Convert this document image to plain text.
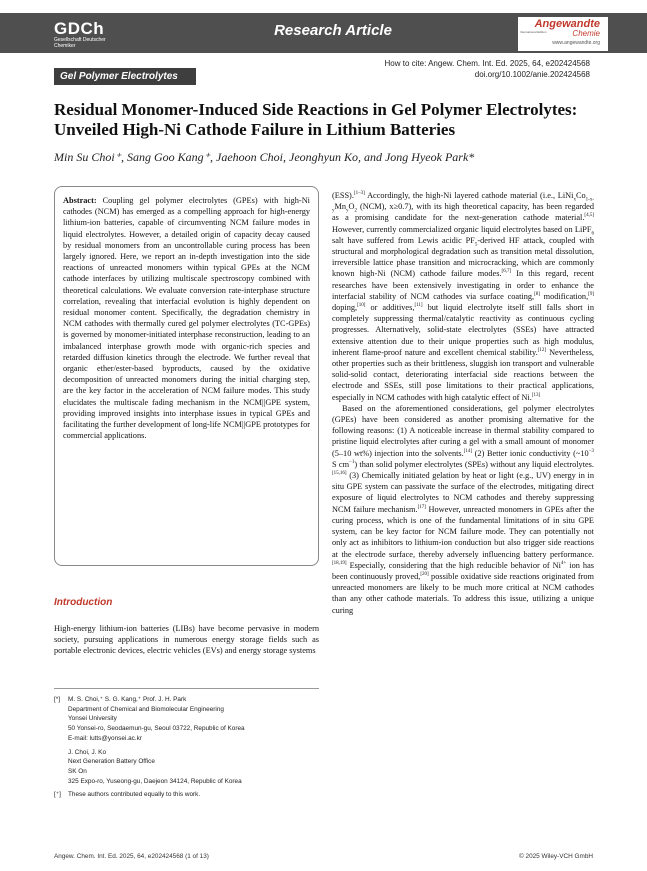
GDCh
Gesellschaft Deutscher Chemiker
Research Article	Angewandte
International Edition	Chemie
www.angewandte.org
How to cite: Angew. Chem. Int. Ed. 2025, 64, e202424568
doi.org/10.1002/anie.202424568
Gel Polymer Electrolytes
Residual Monomer-Induced Side Reactions in Gel Polymer Electrolytes: Unveiled High-Ni Cathode Failure in Lithium Batteries
Min Su Choi⁺, Sang Goo Kang⁺, Jaehoon Choi, Jeonghyun Ko, and Jong Hyeok Park*
Abstract: Coupling gel polymer electrolytes (GPEs) with high-Ni cathodes (NCM) has emerged as a compelling approach for high-energy lithium-ion batteries, capable of circumventing NCM failure modes in liquid electrolytes. However, a detailed origin of capacity decay caused by residual monomers from an uncontrollable curing process has been largely ignored. Here, we report an in-depth investigation into the side reactions of unreacted monomers within typical GPEs at the NCM cathode interfaces by utilizing multiscale spectroscopy combined with theoretical calculations. We evaluate conversion rate-interphase structure correlation, revealing that interfacial evolution is highly dependent on residual monomer content. Specifically, the degradation chemistry in NCM cathodes with thermally cured gel polymer electrolytes (TC-GPEs) is governed by monomer-initiated interphase reconstruction, leading to an imbalanced interphase growth mode with organic-rich species and retarded diffusion kinetics through the electrode. We further reveal that organic ether/ester-based byproducts, caused by the oxidative decomposition of unreacted monomers during the initial charging step, are the key factor in the acceleration of NCM failure modes. This study elucidates the multiscale fading mechanism in the NCM||GPE system, providing improved insights into interphase issues in typical GPEs and facilitating the further development of long-life NCM||GPE prototypes for commercial applications.
Introduction
High-energy lithium-ion batteries (LIBs) have become pervasive in modern society, pursuing applications in numerous energy storage fields such as portable electronic devices, electric vehicles (EVs) and energy storage systems
[*] M. S. Choi,⁺ S. G. Kang,⁺ Prof. J. H. Park

Department of Chemical and Biomolecular Engineering

Yonsei University

50 Yonsei-ro, Seodaemun-gu, Seoul 03722, Republic of Korea

E-mail: lutts@yonsei.ac.kr

J. Choi, J. Ko

Next Generation Battery Office

SK On

325 Expo-ro, Yuseong-gu, Daejeon 34124, Republic of Korea

[⁺] These authors contributed equally to this work.

(ESS).[1–3] Accordingly, the high-Ni layered cathode material (i.e., $LiNi_xCo_{1-x-y}Mn_yO_2$ (NCM), x≥0.7), with its high theoretical capacity, has been regarded as a promising candidate for the next-generation cathode material.[4,5] However, currently commercialized organic liquid electrolytes based on LiPF$_6$ salt have suffered from Lewis acidic $PF_5$-derived HF attack, coupled with structural and morphological degradation such as transition metal dissolution, irreversible lattice phase transition and microcracking, which are commonly known high-Ni (NCM) cathode failure modes.[6,7] In this regard, recent researches have been extensively investigating in order to enhance the interfacial stability of NCM cathodes via surface coating,[8] modification,[9] doping,[10] or additives,[11] but liquid electrolyte itself still falls short in completely suppressing thermal/catalytic reactivity as continuous cycling progresses. Alternatively, solid-state electrolytes (SSEs) have attracted extensive attention due to their unique properties such as high modulus, inherent flame-proof nature and excellent chemical stability.[12] Nevertheless, other properties such as their brittleness, sluggish ion transport and vulnerable solid-solid contact, deteriorating interfacial side reactions between the electrode and SSEs, still pose limitations to their practical applications, especially in NCM cathodes with high catalytic effect of Ni.[13]

Based on the aforementioned considerations, gel polymer electrolytes (GPEs) have been considered as another promising alternative for the following reasons: (1) A noticeable increase in thermal stability compared to pristine liquid electrolytes after curing a gel with a small amount of monomer (5–10 wt%) injection into the solvents.[14] (2) Better ionic conductivity ($\sim 10^{-3}$ S $cm^{-1}$) than solid polymer electrolytes (SPEs) without any liquid electrolytes.[15,16] (3) Chemically initiated gelation by heat or light (e.g., UV) energy in in situ GPE system can passivate the surface of the electrodes, mitigating direct exposure of liquid electrolytes to NCM cathodes and thereby suppressing NCM failure mechanism.[17] However, unreacted monomers in GPEs after the curing process, which is one of the fundamental limitations of in situ GPE system, can be key factor for NCM failure mode. They can potentially not only act as inhibitors to lithium-ion conduction but also trigger side reactions at the electrode surface, thereby adversely influencing battery performance.[18,19] Especially, considering that the high reducible behavior of $Ni^{4+}$ ion has been continuously proved,[20] possible oxidative side reactions originated from unreacted monomers are likely to be much more critical at NCM cathodes than any other cathode materials. To address this issue, utilizing a unique curing

Angew. Chem. Int. Ed. 2025, 64, e202424568 (1 of 13)	© 2025 Wiley-VCH GmbH
